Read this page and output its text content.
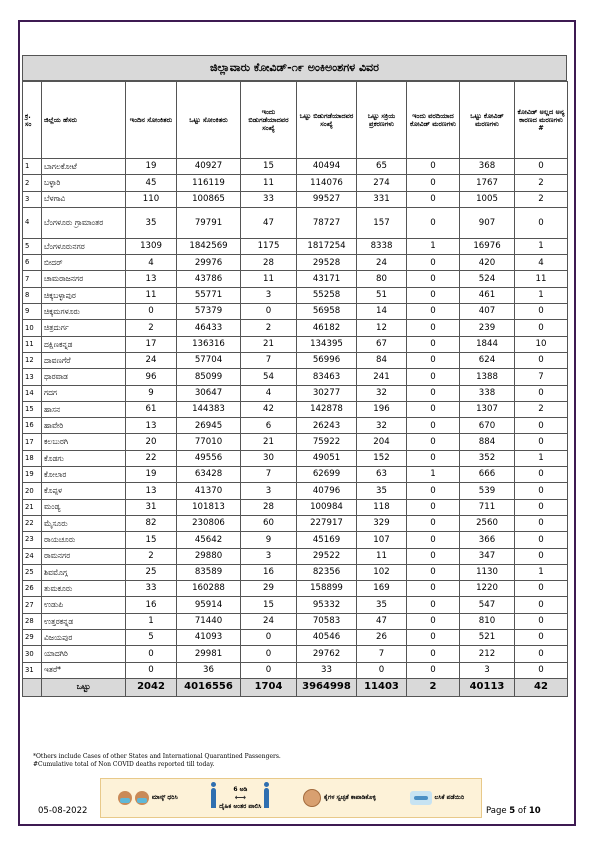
ಜಿಲ್ಲಾವಾರು ಕೋವಿಡ್-೧೯ ಅಂಕಿಅಂಶಗಳ ವಿವರ
ಕ್ರ. ಸಂ	ಜಿಲ್ಲೆಯ ಹೆಸರು	ಇಂದಿನ ಸೋಂಕಿತರು	ಒಟ್ಟು ಸೋಂಕಿತರು	ಇಂದು ಬಿಡುಗಡೆಯಾದವರ ಸಂಖ್ಯೆ	ಒಟ್ಟು ಬಿಡುಗಡೆಯಾದವರ ಸಂಖ್ಯೆ	ಒಟ್ಟು ಸಕ್ರಿಯ ಪ್ರಕರಣಗಳು	ಇಂದು ವರದಿಯಾದ ಕೋವಿಡ್ ಮರಣಗಳು	ಒಟ್ಟು ಕೋವಿಡ್ ಮರಣಗಳು	ಕೋವಿಡ್ ಅಲ್ಲದ ಅನ್ಯ ಕಾರಣದ ಮರಣಗಳು #
1	ಬಾಗಲಕೋಟೆ	19	40927	15	40494	65	0	368	0
2	ಬಳ್ಳಾರಿ	45	116119	11	114076	274	0	1767	2
3	ಬೆಳಗಾವಿ	110	100865	33	99527	331	0	1005	2
4	ಬೆಂಗಳೂರು ಗ್ರಾಮಾಂತರ	35	79791	47	78727	157	0	907	0
5	ಬೆಂಗಳೂರುನಗರ	1309	1842569	1175	1817254	8338	1	16976	1
6	ಬೀದರ್	4	29976	28	29528	24	0	420	4
7	ಚಾಮರಾಜನಗರ	13	43786	11	43171	80	0	524	11
8	ಚಿಕ್ಕಬಳ್ಳಾಪುರ	11	55771	3	55258	51	0	461	1
9	ಚಿಕ್ಕಮಗಳೂರು	0	57379	0	56958	14	0	407	0
10	ಚಿತ್ರದುರ್ಗ	2	46433	2	46182	12	0	239	0
11	ದಕ್ಷಿಣಕನ್ನಡ	17	136316	21	134395	67	0	1844	10
12	ದಾವಣಗೆರೆ	24	57704	7	56996	84	0	624	0
13	ಧಾರವಾಡ	96	85099	54	83463	241	0	1388	7
14	ಗದಗ	9	30647	4	30277	32	0	338	0
15	ಹಾಸನ	61	144383	42	142878	196	0	1307	2
16	ಹಾವೇರಿ	13	26945	6	26243	32	0	670	0
17	ಕಲಬುರಗಿ	20	77010	21	75922	204	0	884	0
18	ಕೊಡಗು	22	49556	30	49051	152	0	352	1
19	ಕೋಲಾರ	19	63428	7	62699	63	1	666	0
20	ಕೊಪ್ಪಳ	13	41370	3	40796	35	0	539	0
21	ಮಂಡ್ಯ	31	101813	28	100984	118	0	711	0
22	ಮೈಸೂರು	82	230806	60	227917	329	0	2560	0
23	ರಾಯಚೂರು	15	45642	9	45169	107	0	366	0
24	ರಾಮನಗರ	2	29880	3	29522	11	0	347	0
25	ಶಿವಮೊಗ್ಗ	25	83589	16	82356	102	0	1130	1
26	ತುಮಕೂರು	33	160288	29	158899	169	0	1220	0
27	ಉಡುಪಿ	16	95914	15	95332	35	0	547	0
28	ಉತ್ತರಕನ್ನಡ	1	71440	24	70583	47	0	810	0
29	ವಿಜಯಪುರ	5	41093	0	40546	26	0	521	0
30	ಯಾದಗಿರಿ	0	29981	0	29762	7	0	212	0
31	ಇತರೆ*	0	36	0	33	0	0	3	0
	ಒಟ್ಟು	2042	4016556	1704	3964998	11403	2	40113	42
*Others include Cases of other States and International Quarantined Passengers.
#Cumulative total of Non COVID deaths reported till today.
ಮಾಸ್ಕ್ ಧರಿಸಿ
6 ಅಡಿ
⟷
ದೈಹಿಕ ಅಂತರ ಪಾಲಿಸಿ
ಕೈಗಳ ಸ್ವಚ್ಛತೆ ಕಾಪಾಡಿಕೊಳ್ಳಿ	ಲಸಿಕೆ ಪಡೆಯಿರಿ
05-08-2022	Page 5 of 10
